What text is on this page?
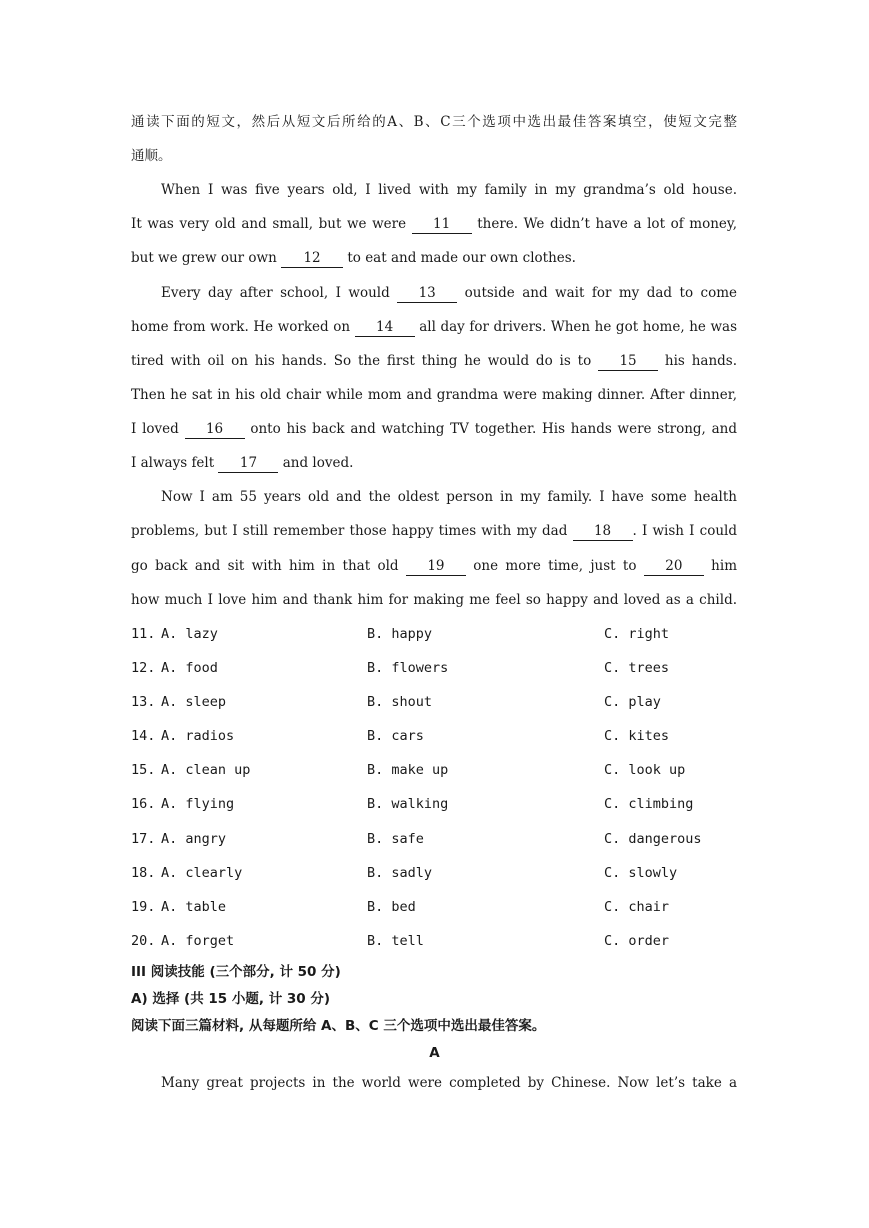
通读下面的短文，然后从短文后所给的A、B、C三个选项中选出最佳答案填空，使短文完整
通顺。
When I was five years old, I lived with my family in my grandma’s old house.
It was very old and small, but we were 11 there. We didn’t have a lot of money,
but we grew our own 12 to eat and made our own clothes.
Every day after school, I would 13 outside and wait for my dad to come
home from work. He worked on 14 all day for drivers. When he got home, he was
tired with oil on his hands. So the first thing he would do is to 15 his hands.
Then he sat in his old chair while mom and grandma were making dinner. After dinner,
I loved 16 onto his back and watching TV together. His hands were strong, and
I always felt 17 and loved.
Now I am 55 years old and the oldest person in my family. I have some health
problems, but I still remember those happy times with my dad 18 . I wish I could
go back and sit with him in that old 19 one more time, just to 20 him
how much I love him and thank him for making me feel so happy and loved as a child.
11. A. lazy	B. happy	C. right
12. A. food	B. flowers	C. trees
13. A. sleep	B. shout	C. play
14. A. radios	B. cars	C. kites
15. A. clean up	B. make up	C. look up
16. A. flying	B. walking	C. climbing
17. A. angry	B. safe	C. dangerous
18. A. clearly	B. sadly	C. slowly
19. A. table	B. bed	C. chair
20. A. forget	B. tell	C. order
III 阅读技能 (三个部分, 计 50 分)
A) 选择 (共 15 小题, 计 30 分)
阅读下面三篇材料, 从每题所给 A、B、C 三个选项中选出最佳答案。
A
Many great projects in the world were completed by Chinese. Now let’s take a
